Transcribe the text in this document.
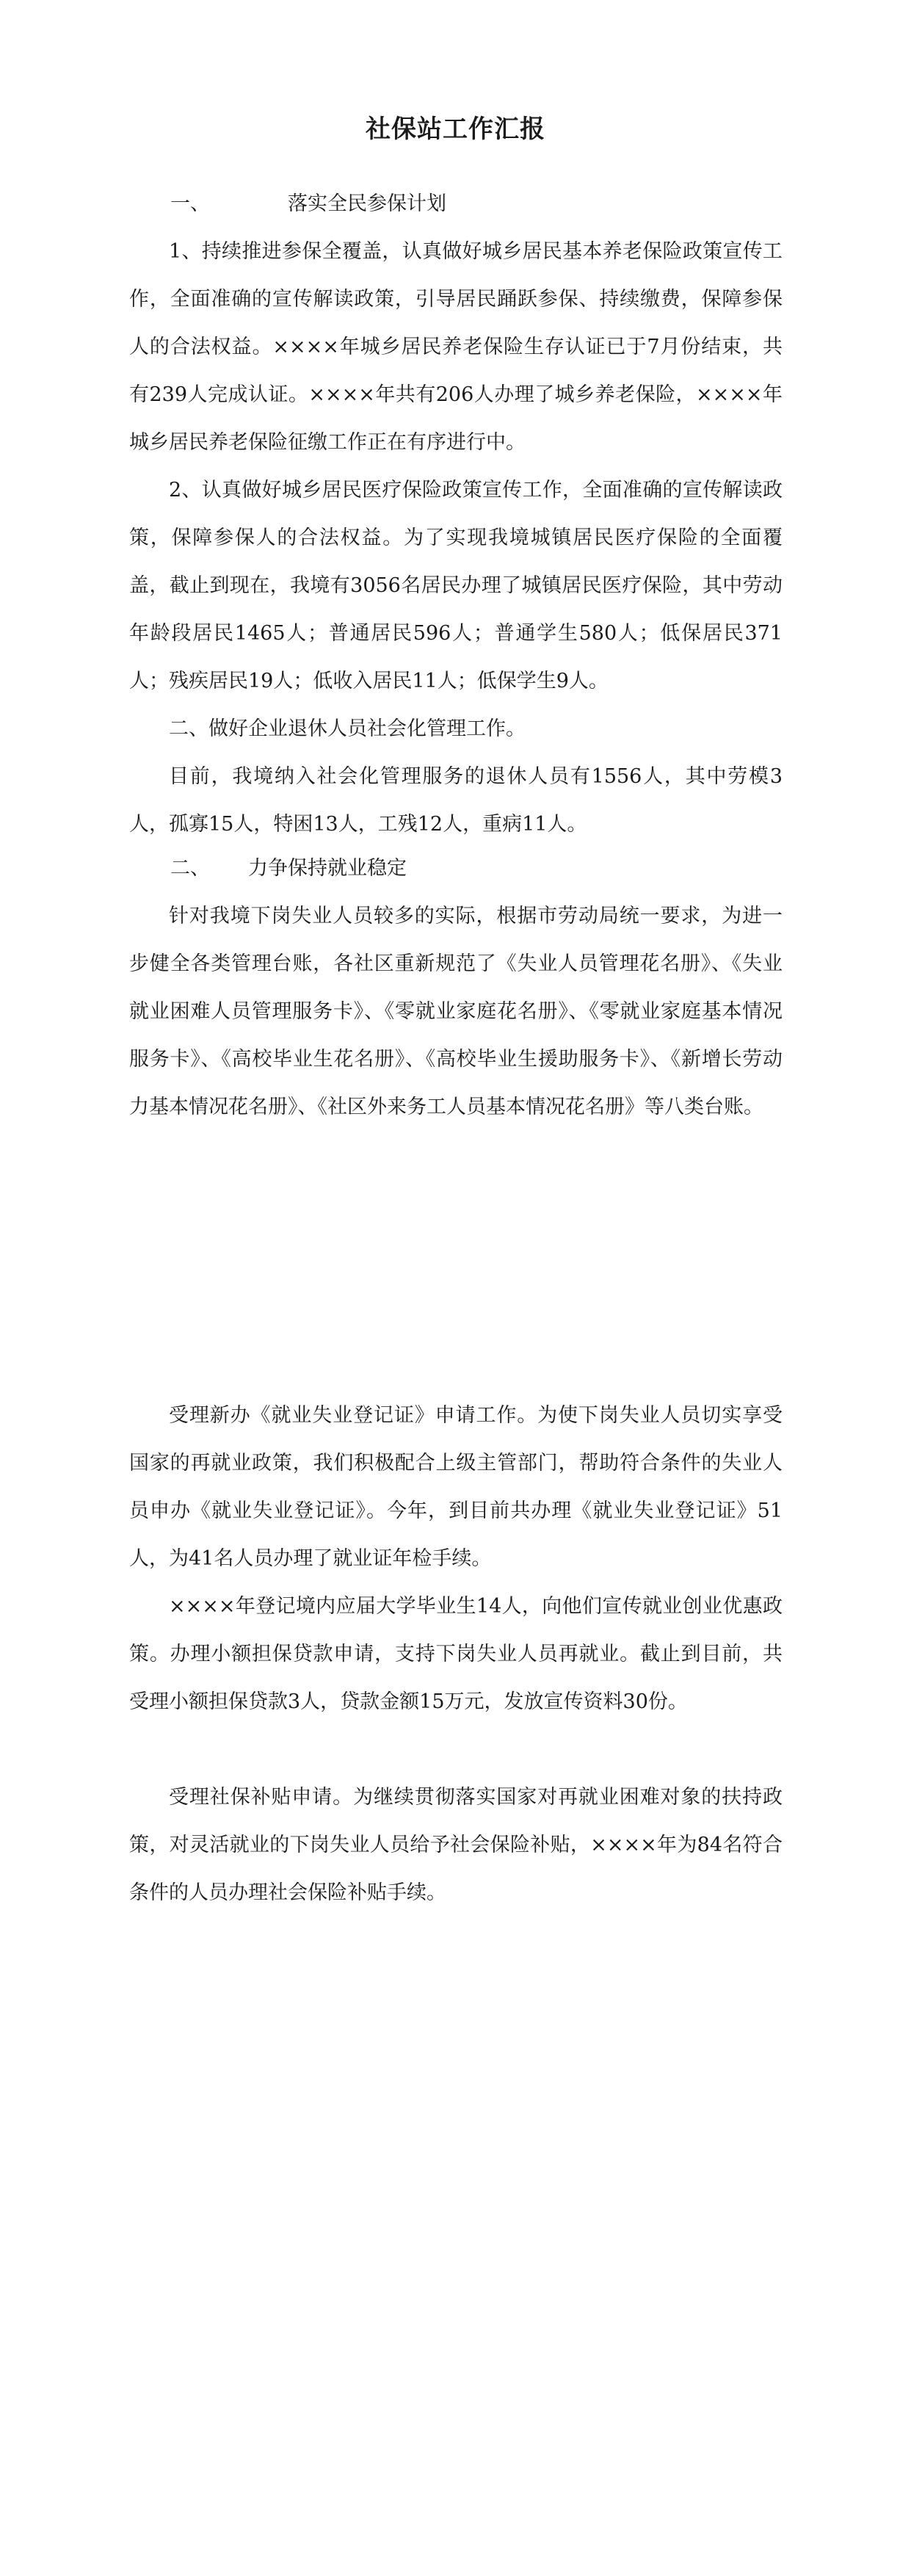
社保站工作汇报
一、	落实全民参保计划

1、持续推进参保全覆盖，认真做好城乡居民基本养老保险政策宣传工作，全面准确的宣传解读政策，引导居民踊跃参保、持续缴费，保障参保人的合法权益。××××年城乡居民养老保险生存认证已于7月份结束，共有239人完成认证。××××年共有206人办理了城乡养老保险，××××年城乡居民养老保险征缴工作正在有序进行中。

2、认真做好城乡居民医疗保险政策宣传工作，全面准确的宣传解读政策，保障参保人的合法权益。为了实现我境城镇居民医疗保险的全面覆盖，截止到现在，我境有3056名居民办理了城镇居民医疗保险，其中劳动年龄段居民1465人；普通居民596人；普通学生580人；低保居民371人；残疾居民19人；低收入居民11人；低保学生9人。

二、做好企业退休人员社会化管理工作。

目前，我境纳入社会化管理服务的退休人员有1556人，其中劳模3人，孤寡15人，特困13人，工残12人，重病11人。

二、 力争保持就业稳定

针对我境下岗失业人员较多的实际，根据市劳动局统一要求，为进一步健全各类管理台账，各社区重新规范了《失业人员管理花名册》、《失业就业困难人员管理服务卡》、《零就业家庭花名册》、《零就业家庭基本情况服务卡》、《高校毕业生花名册》、《高校毕业生援助服务卡》、《新增长劳动力基本情况花名册》、《社区外来务工人员基本情况花名册》等八类台账。

受理新办《就业失业登记证》申请工作。为使下岗失业人员切实享受国家的再就业政策，我们积极配合上级主管部门，帮助符合条件的失业人员申办《就业失业登记证》。今年，到目前共办理《就业失业登记证》51人，为41名人员办理了就业证年检手续。

××××年登记境内应届大学毕业生14人，向他们宣传就业创业优惠政策。办理小额担保贷款申请，支持下岗失业人员再就业。截止到目前，共受理小额担保贷款3人，贷款金额15万元，发放宣传资料30份。

受理社保补贴申请。为继续贯彻落实国家对再就业困难对象的扶持政策，对灵活就业的下岗失业人员给予社会保险补贴，××××年为84名符合条件的人员办理社会保险补贴手续。
